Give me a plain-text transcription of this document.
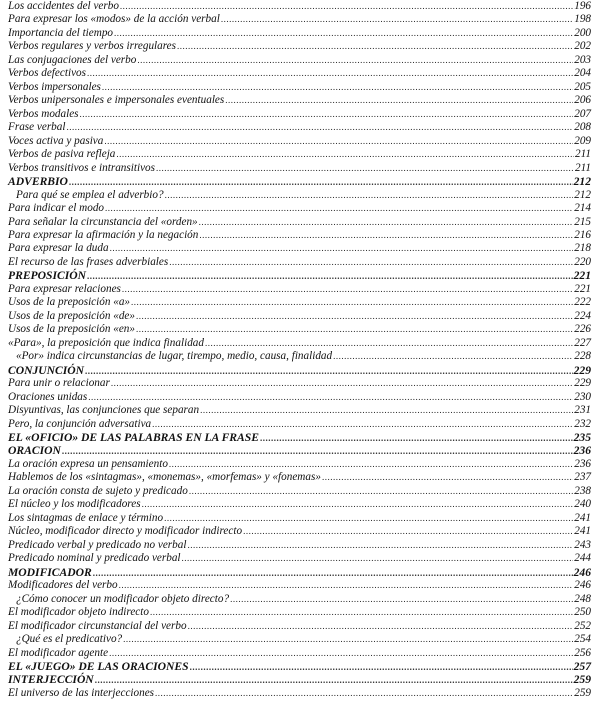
Los accidentes del verbo .....	196
Para expresar los «modos» de la acción verbal .....	198
Importancia del tiempo .....	200
Verbos regulares y verbos irregulares .....	202
Las conjugaciones del verbo .....	203
Verbos defectivos .....	204
Verbos impersonales .....	205
Verbos unipersonales e impersonales eventuales .....	206
Verbos modales .....	207
Frase verbal .....	208
Voces activa y pasiva .....	209
Verbos de pasiva refleja .....	211
Verbos transitivos e intransitivos .....	211
ADVERBIO .....	212
Para qué se emplea el adverbio? .....	212
Para indicar el modo .....	214
Para señalar la circunstancia del «orden» .....	215
Para expresar la afirmación y la negación .....	216
Para expresar la duda .....	218
El recurso de las frases adverbiales .....	220
PREPOSICIÓN .....	221
Para expresar relaciones .....	221
Usos de la preposición «a» .....	222
Usos de la preposición «de» .....	224
Usos de la preposición «en» .....	226
«Para», la preposición que indica finalidad .....	227
«Por» indica circunstancias de lugar, tirempo, medio, causa, finalidad .....	228
CONJUNCIÓN .....	229
Para unir o relacionar .....	229
Oraciones unidas .....	230
Disyuntivas, las conjunciones que separan .....	231
Pero, la conjunción adversativa .....	232
EL «OFICIO» DE LAS PALABRAS EN LA FRASE .....	235
ORACION .....	236
La oración expresa un pensamiento .....	236
Hablemos de los «sintagmas», «monemas», «morfemas» y «fonemas» .....	237
La oración consta de sujeto y predicado .....	238
El núcleo y los modificadores .....	240
Los sintagmas de enlace y término .....	241
Núcleo, modificador directo y modificador indirecto .....	241
Predicado verbal y predicado no verbal .....	243
Predicado nominal y predicado verbal .....	244
MODIFICADOR .....	246
Modificadores del verbo .....	246
¿Cómo conocer un modificador objeto directo? .....	248
El modificador objeto indirecto .....	250
El modificador circunstancial del verbo .....	252
¿Qué es el predicativo? .....	254
El modificador agente .....	256
EL «JUEGO» DE LAS ORACIONES .....	257
INTERJECCIÓN .....	259
El universo de las interjecciones .....	259
